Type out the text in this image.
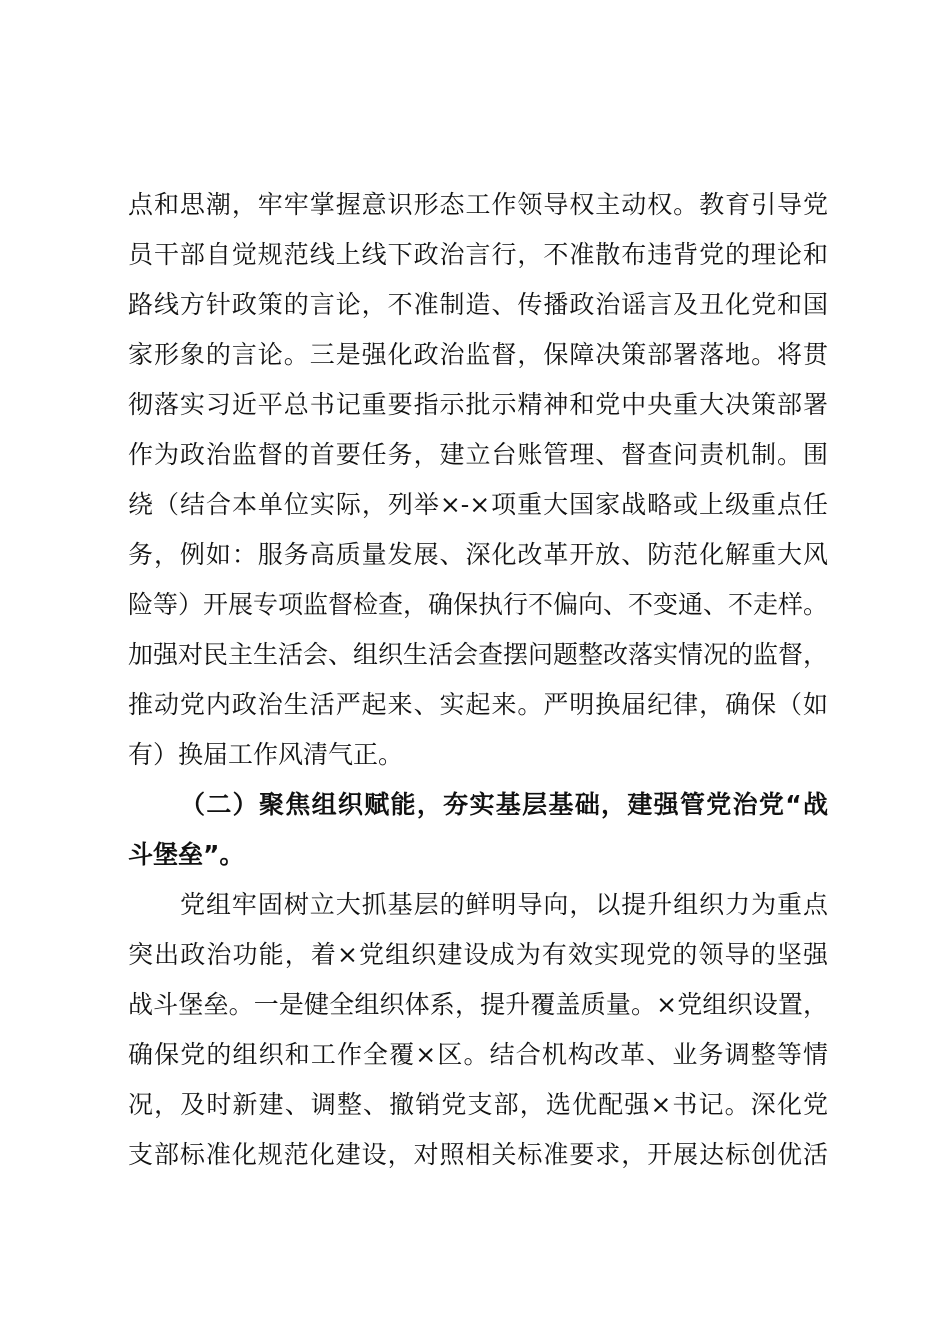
点和思潮，牢牢掌握意识形态工作领导权主动权。教育引导党
员干部自觉规范线上线下政治言行，不准散布违背党的理论和
路线方针政策的言论，不准制造、传播政治谣言及丑化党和国
家形象的言论。三是强化政治监督，保障决策部署落地。将贯
彻落实习近平总书记重要指示批示精神和党中央重大决策部署
作为政治监督的首要任务，建立台账管理、督查问责机制。围
绕（结合本单位实际，列举×-×项重大国家战略或上级重点任
务，例如：服务高质量发展、深化改革开放、防范化解重大风
险等）开展专项监督检查，确保执行不偏向、不变通、不走样。
加强对民主生活会、组织生活会查摆问题整改落实情况的监督，
推动党内政治生活严起来、实起来。严明换届纪律，确保（如
有）换届工作风清气正。
（二）聚焦组织赋能，夯实基层基础，建强管党治党“战
斗堡垒”。
党组牢固树立大抓基层的鲜明导向，以提升组织力为重点
突出政治功能，着×党组织建设成为有效实现党的领导的坚强
战斗堡垒。一是健全组织体系，提升覆盖质量。×党组织设置，
确保党的组织和工作全覆×区。结合机构改革、业务调整等情
况，及时新建、调整、撤销党支部，选优配强×书记。深化党
支部标准化规范化建设，对照相关标准要求，开展达标创优活
